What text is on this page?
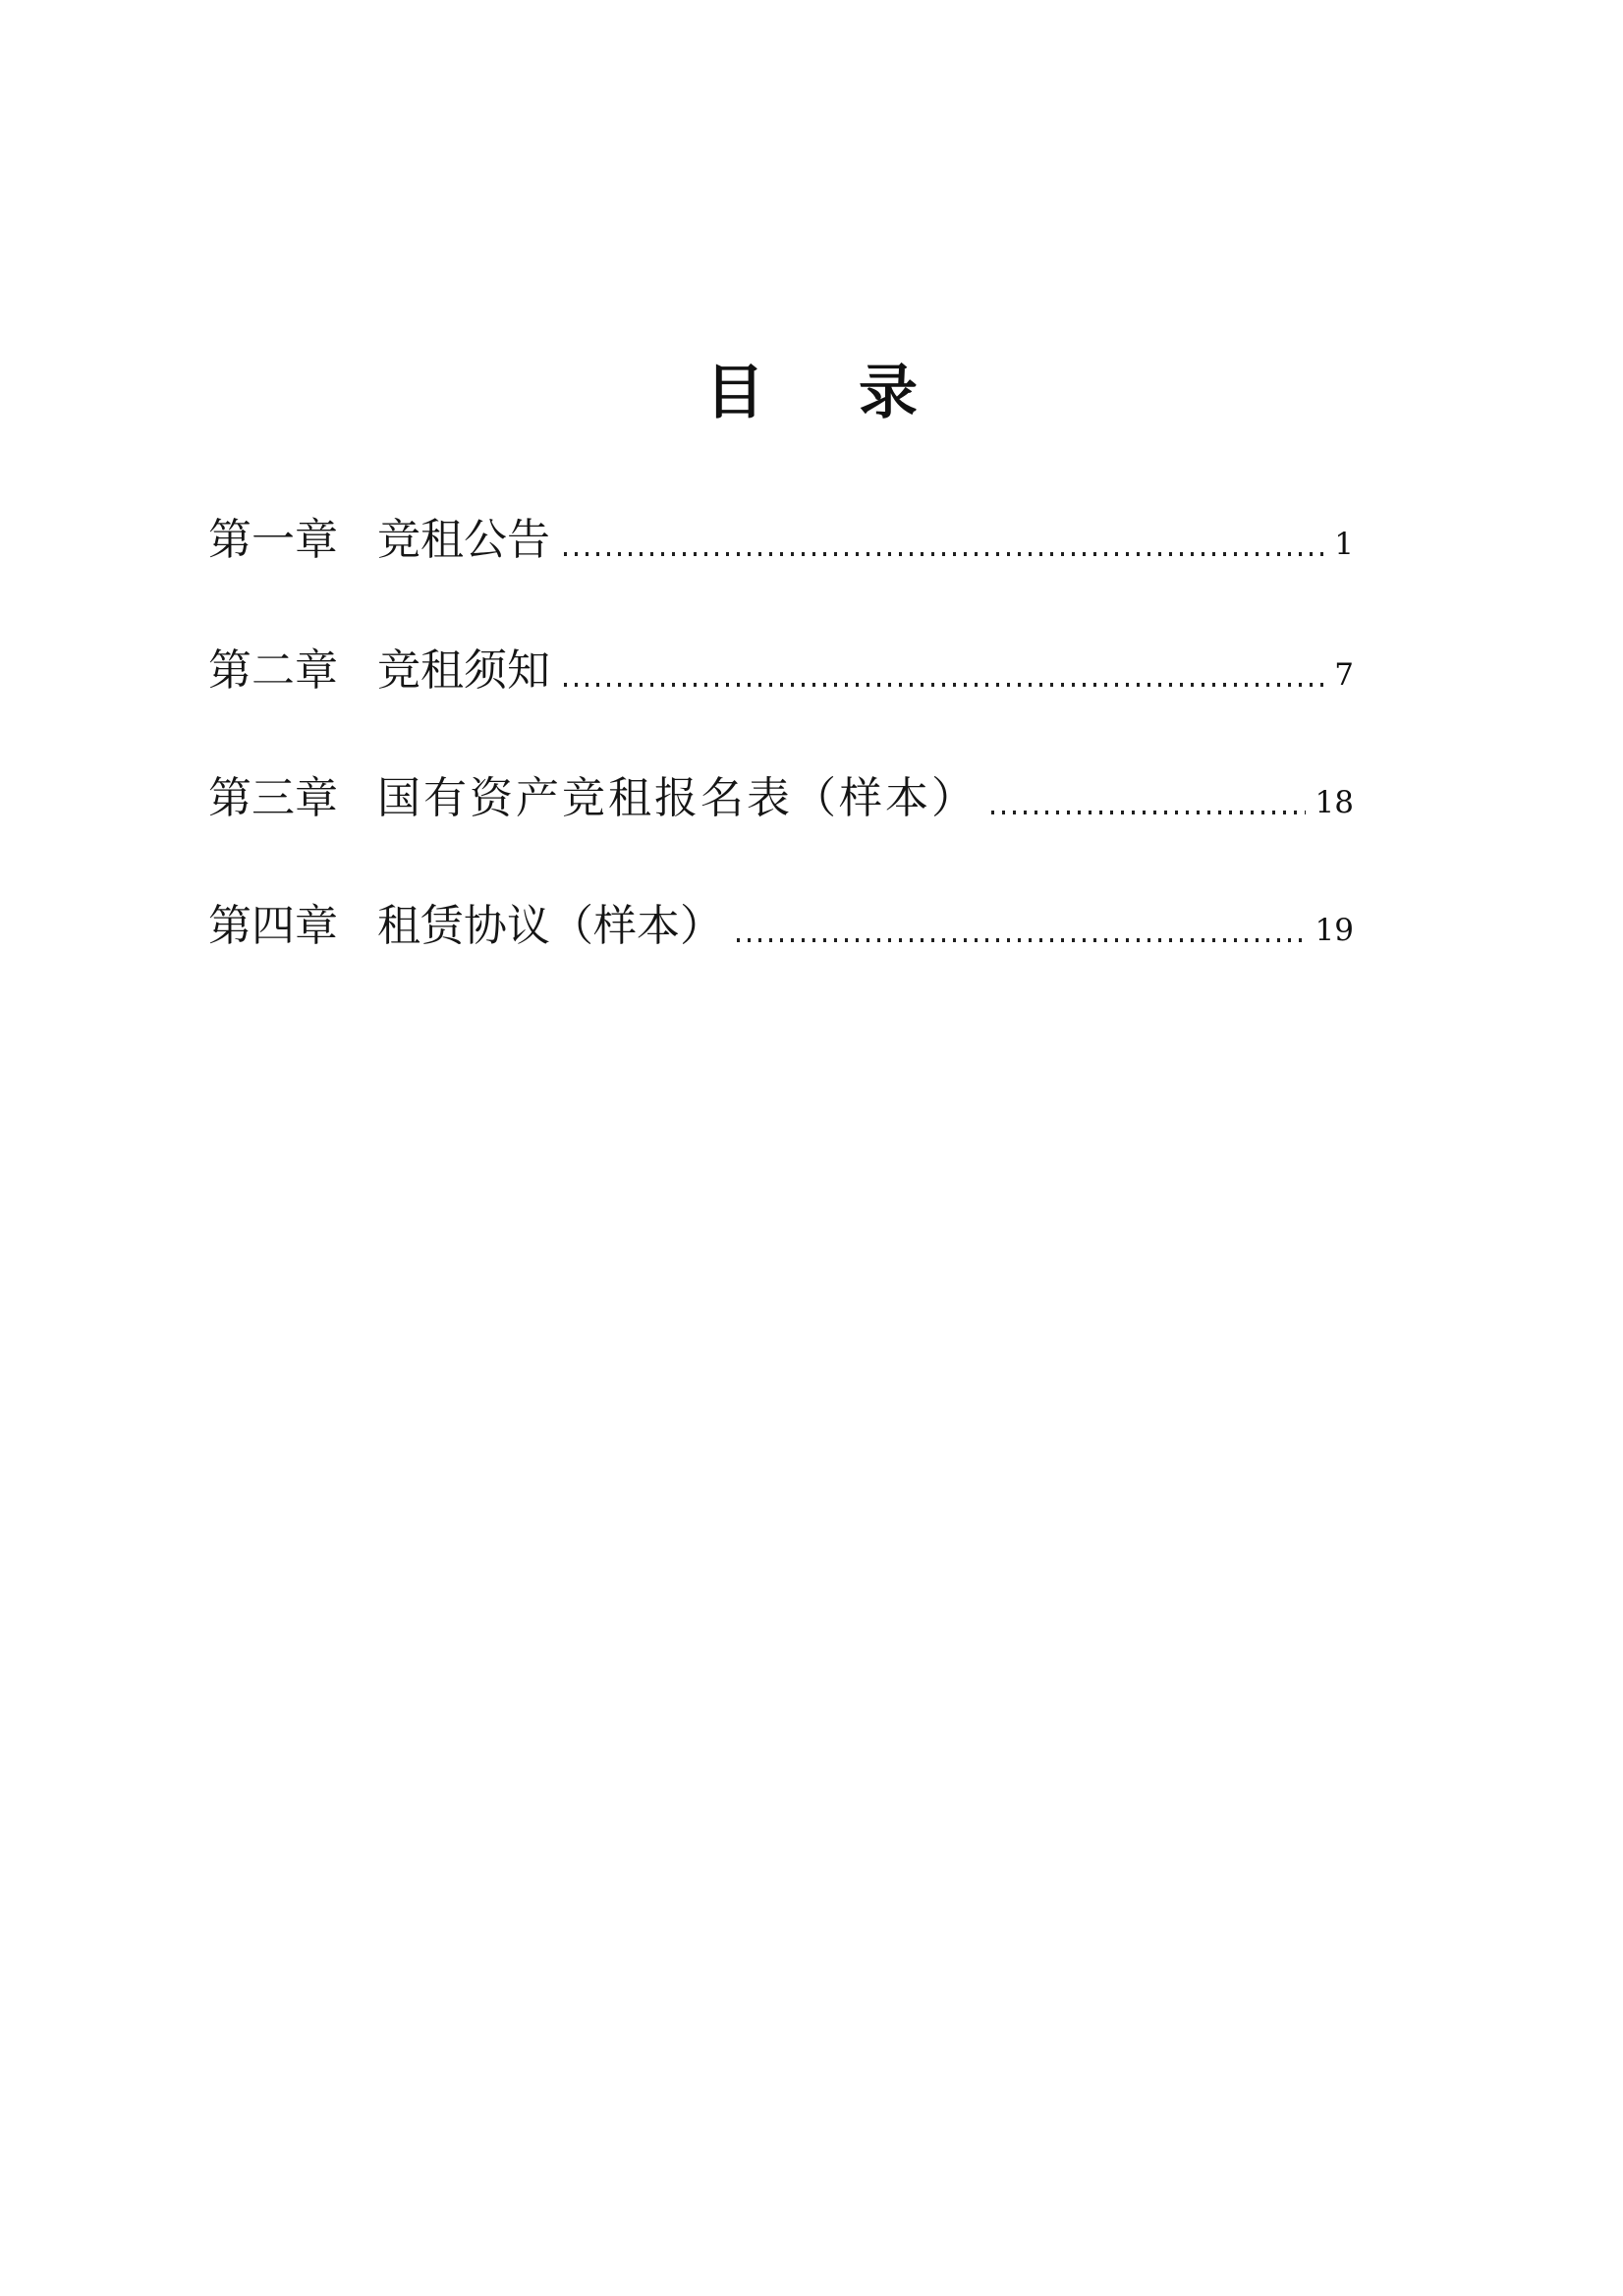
目　录
第一章 竞租公告	1
第二章 竞租须知	7
第三章 国有资产竞租报名表（样本）	18
第四章 租赁协议（样本）	19
